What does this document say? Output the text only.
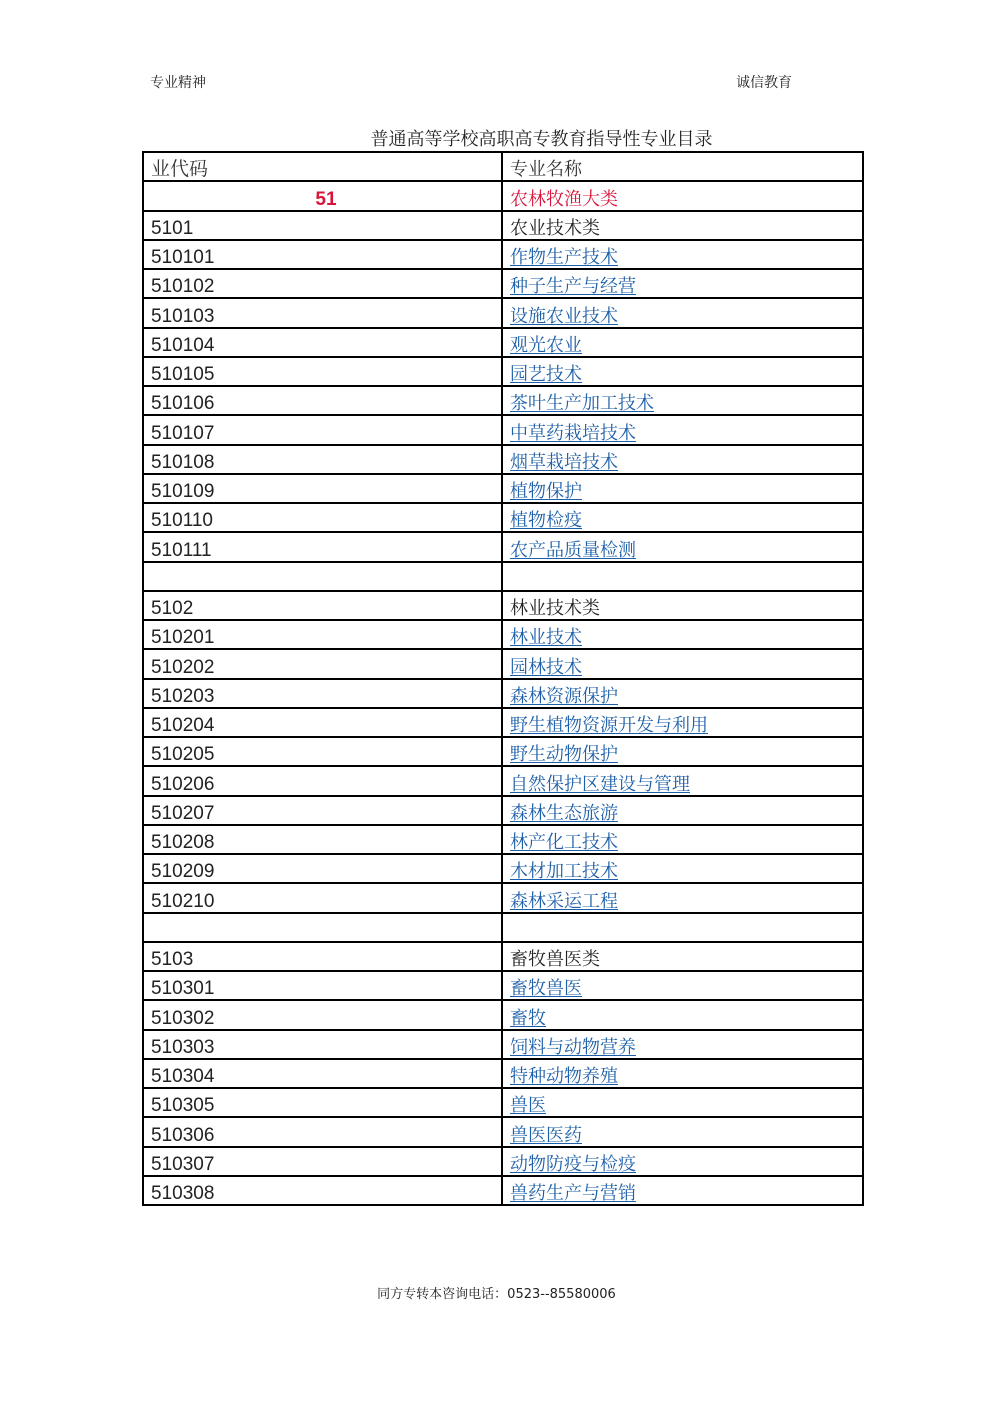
专业精神	诚信教育
普通高等学校高职高专教育指导性专业目录
业代码	专业名称
51	农林牧渔大类
5101	农业技术类
510101	作物生产技术
510102	种子生产与经营
510103	设施农业技术
510104	观光农业
510105	园艺技术
510106	茶叶生产加工技术
510107	中草药栽培技术
510108	烟草栽培技术
510109	植物保护
510110	植物检疫
510111	农产品质量检测

5102	林业技术类
510201	林业技术
510202	园林技术
510203	森林资源保护
510204	野生植物资源开发与利用
510205	野生动物保护
510206	自然保护区建设与管理
510207	森林生态旅游
510208	林产化工技术
510209	木材加工技术
510210	森林采运工程

5103	畜牧兽医类
510301	畜牧兽医
510302	畜牧
510303	饲料与动物营养
510304	特种动物养殖
510305	兽医
510306	兽医医药
510307	动物防疫与检疫
510308	兽药生产与营销
同方专转本咨询电话：0523--85580006
